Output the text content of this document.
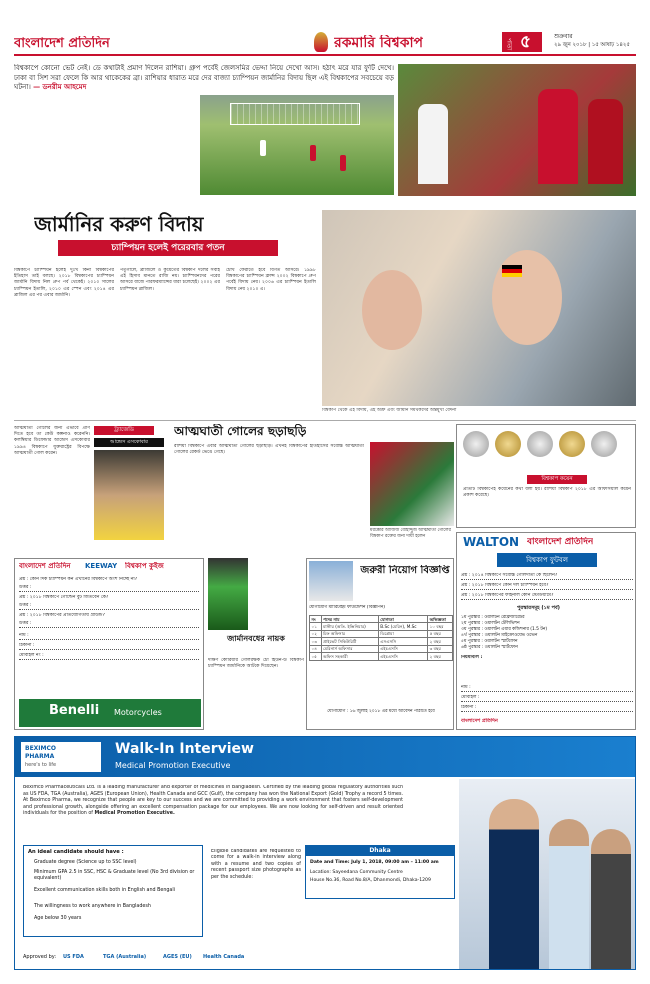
বাংলাদেশ প্রতিদিন	রকমারি বিশ্বকাপ	পাতা ৫	শুক্রবার
২৯ জুন ২০১৮ | ১৫ আষাঢ় ১৪২৫
বিশ্বকাপে কোনো ভেট নেই। ডে কথাটাই প্রমাণ দিলেন রাশিয়া। গ্রুপ পর্বেই জেলসমির ভেদ্দা নিয়ে দেখো আস। হঠাৎ মরে যার ফুটি দেখে। ঢাকা বা সিশ সরা ফেলে কি আর থাকেকের ব্রা। রাশিয়ার ধারাত মরে দের বাজ্যা চ্যাম্পিয়ন জার্মানির বিদায় ছিল এই বিশ্বকাপের সবচেয়ে বড় ঘটনা। — ডনরীম আহমেদ
জার্মানির করুণ বিদায়
চ্যাম্পিয়ন হলেই পরেরবার পতন
বিশ্বকাপে চ্যাম্পিয়ন হলেই দুঃখ কিনা বিশ্বকাপের ইতিহাস তাই বলছে। ২০১৮ বিশ্বকাপের চ্যাম্পিয়ন জার্মানি বিদায় নিল গ্রুপ পর্ব থেকেই। ২০১০ সালের চ্যাম্পিয়ন ইতালি, ২০১০ এর স্পেন এবং ২০১৪ এর ব্রাজিল এর পর এবার জার্মানি।
পর্তুগালে, ব্রাজিলে ও কুয়েতের বিশ্বকাপ দলের সবাই এই হিসাব মানতে রাজি নয়। চ্যাম্পিয়নদের পরের আসরে বাজে পারফরম্যান্সের ধারা চলেছেই। ২০০২ এর চ্যাম্পিয়ন ব্রাজিল।
চোখ ফেরাতে হবে বিগত আসরে। ১৯৯৮ বিশ্বকাপের চ্যাম্পিয়ন ফ্রান্স ২০০২ বিশ্বকাপে গ্রুপ পর্বেই বিদায় নেয়। ২০০৬ এর চ্যাম্পিয়ন ইতালি বিদায় নেয় ২০১০ এ।
বিশ্বকাপ থেকে এই বিদায়, এই অশ্রু এবং জার্মান সমর্থকদের অন্তর্মুখী বেদনা
ট্র্যাজেডি
আন্দ্রেস এসকোবার
আত্মঘাতী গোলের জন্য এভাবে প্রাণ দিতে হবে তা কেউ কল্পনাও করেননি। কলম্বিয়ার ডিফেন্ডার আন্দ্রেস এসকোবার ১৯৯৪ বিশ্বকাপে যুক্তরাষ্ট্রের বিপক্ষে আত্মঘাতী গোল করেন।
আত্মঘাতী গোলের ছড়াছড়ি
রাশিয়া বিশ্বকাপে এবার আত্মঘাতী গোলের ছড়াছড়ি। এখনই বিশ্বকাপের ইতিহাসের সর্বোচ্চ আত্মঘাতী গোলের রেকর্ড ভেঙে গেছে।
মরক্কোর আজিজ বৌহাদ্দুজ আত্মঘাতী গোলের বিশ্বকাপ রক্তের জন্য দায়ী হলেন
বিশ্বকাপ কয়েন
প্রতিটি বিশ্বকাপেই কয়েনের কথা বলা হয়। রাশিয়া বিশ্বকাপ ২০১৮ এর অফিসিয়াল কয়েন প্রকাশ করেছে।
বাংলাদেশ প্রতিদিন KEEWAY বিশ্বকাপ কুইজ
প্রশ্ন : কোন দিক চ্যাম্পিয়ন কন এখানের বিশ্বকাপে অংশ নিচ্ছে না?
উত্তর :
প্রশ্ন : ২০১৮ বিশ্বকাপে গোল্ডেন বুট জিতবেন কে?
উত্তর :
প্রশ্ন : ২০১৮ বিশ্বকাপের প্রতিযোগিতায় গ্রাউন্ড?
উত্তর :
নাম :
ঠিকানা :
মোবাইল নং :
Benelli Motorcycles
জার্মানবধের নায়ক
দক্ষিণ কোরিয়ার গোলরক্ষক চো হিউন-উ বিশ্বকাপ চ্যাম্পিয়ন জার্মানিকে আটকে দিয়েছেন।
জরুরী নিয়োগ বিজ্ঞপ্তি
যোগাযোগ ম্যারিটাইম ফাউন্ডেশন (বিজ্ঞাপন)
নং	পদের নাম	যোগ্যতা	অভিজ্ঞতা
০১	মাস্টার (অতি. ইঞ্জিনিয়ার)	B.Sc (মেরিন), M.Sc	১০ বছর
০২	চিফ অফিসার	ডিপ্লোমা	৫ বছর
০৩	প্রাইভেট সিকিউরিটি	এসএসসি	২ বছর
০৪	মেরিনার্স অফিসার	এইচএসসি	৩ বছর
০৫	অফিস সহকারী	এইচএসসি	২ বছর
যোগাযোগ : ১৬ জুলাই ২০১৮ এর মধ্যে আবেদন পাঠাতে হবে
WALTON বাংলাদেশ প্রতিদিন
বিশ্বকাপ ফুটবল
প্রশ্ন : ২০১৪ বিশ্বকাপে সর্বোচ্চ গোলদাতা কে ছিলেন?
প্রশ্ন : ২০১৮ বিশ্বকাপে কোন দল চ্যাম্পিয়ন হবে?
প্রশ্ন : ২০১৮ বিশ্বকাপের ফাইনাল কোন স্টেডিয়ামে?
পুরস্কারসমূহ (১ম পর্ব)
১ম পুরস্কার : ওয়ালটন রেফ্রিজারেটর
২য় পুরস্কার : ওয়ালটন টেলিভিশন
৩য় পুরস্কার : ওয়ালটন এয়ার কন্ডিশনার (1.5 টন)
৪র্থ পুরস্কার : ওয়ালটন মাইক্রোওয়েভ ওভেন
৫ম পুরস্কার : ওয়ালটন স্মার্টফোন
৬ষ্ঠ পুরস্কার : ওয়ালটন স্মার্টফোন
নিয়মাবলি :
নাম :
মোবাইল :
ঠিকানা :
বাংলাদেশ প্রতিদিন
BEXIMCO
PHARMA
here's to life
Walk-In Interview
Medical Promotion Executive
Beximco Pharmaceuticals Ltd. is a leading manufacturer and exporter of medicines in Bangladesh. Certified by the leading global regulatory authorities such as US FDA, TGA (Australia), AGES (European Union), Health Canada and GCC (Gulf), the company has won the National Export (Gold) Trophy a record 5 times. At Beximco Pharma, we recognize that people are key to our success and we are committed to providing a work environment that fosters self-development and professional growth, alongside offering an excellent compensation package for our employees. We are now looking for self-driven and result oriented individuals for the position of Medical Promotion Executive.
An ideal candidate should have :
Graduate degree (Science up to SSC level)
Minimum GPA 2.5 in SSC, HSC & Graduate level (No 3rd division or equivalent)
Excellent communication skills both in English and Bengali
The willingness to work anywhere in Bangladesh
Age below 30 years
Eligible candidates are requested to come for a walk-in interview along with a resume and two copies of recent passport size photographs as per the schedule:
Dhaka
Date and Time: July 1, 2018, 09:00 am – 11:00 am
Location: Sayeedana Community Centre
House No.36, Road No.8/A, Dhanmondi, Dhaka-1209
Approved by: US FDA	TGA (Australia)	AGES (EU) Health Canada
